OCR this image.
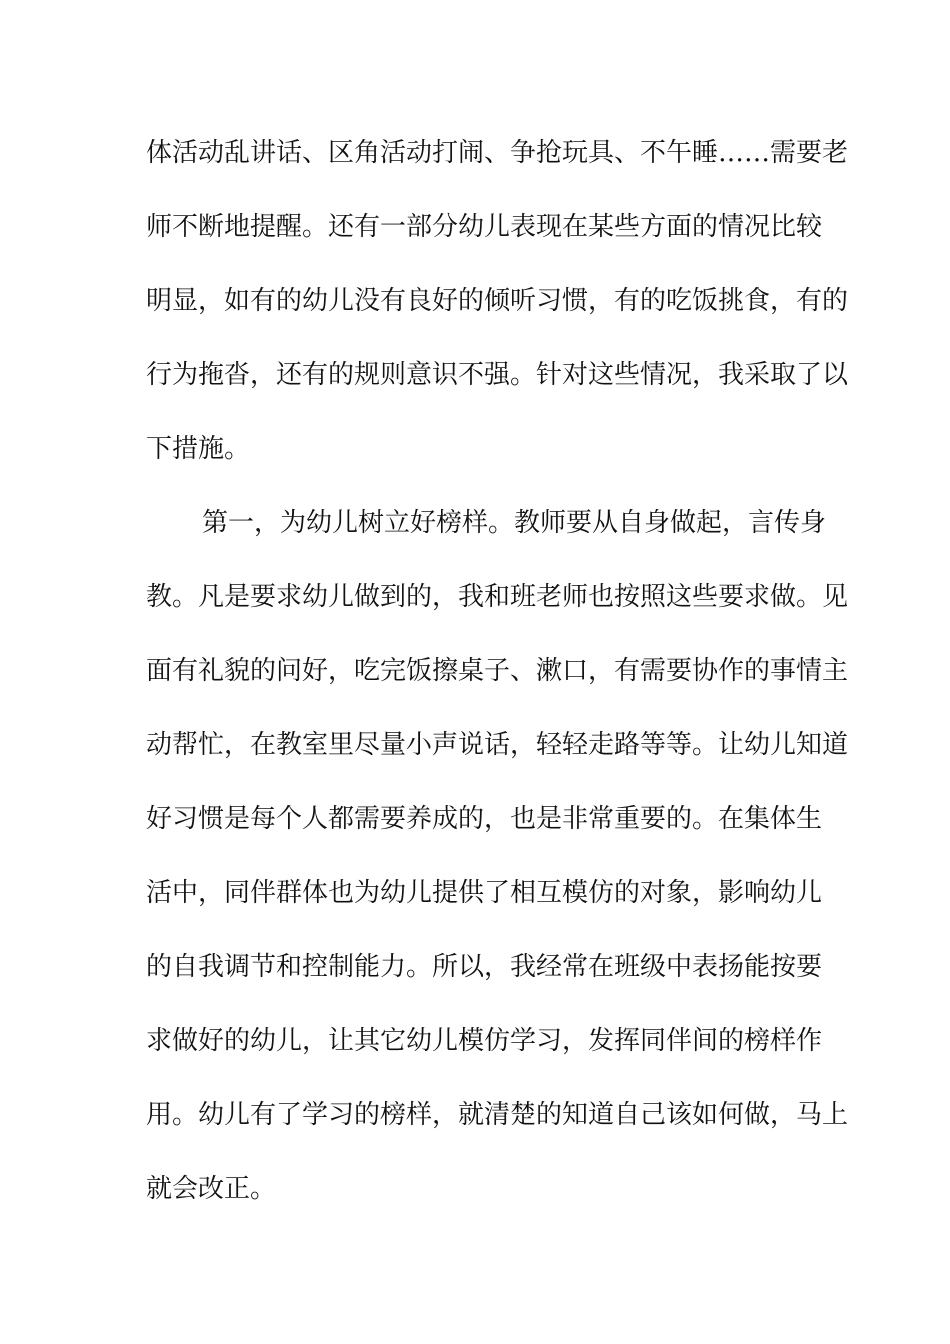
体活动乱讲话、区角活动打闹、争抢玩具、不午睡……需要老
师不断地提醒。还有一部分幼儿表现在某些方面的情况比较
明显，如有的幼儿没有良好的倾听习惯，有的吃饭挑食，有的
行为拖沓，还有的规则意识不强。针对这些情况，我采取了以
下措施。
第一，为幼儿树立好榜样。教师要从自身做起，言传身
教。凡是要求幼儿做到的，我和班老师也按照这些要求做。见
面有礼貌的问好，吃完饭擦桌子、漱口，有需要协作的事情主
动帮忙，在教室里尽量小声说话，轻轻走路等等。让幼儿知道
好习惯是每个人都需要养成的，也是非常重要的。在集体生
活中，同伴群体也为幼儿提供了相互模仿的对象，影响幼儿
的自我调节和控制能力。所以，我经常在班级中表扬能按要
求做好的幼儿，让其它幼儿模仿学习，发挥同伴间的榜样作
用。幼儿有了学习的榜样，就清楚的知道自己该如何做，马上
就会改正。
